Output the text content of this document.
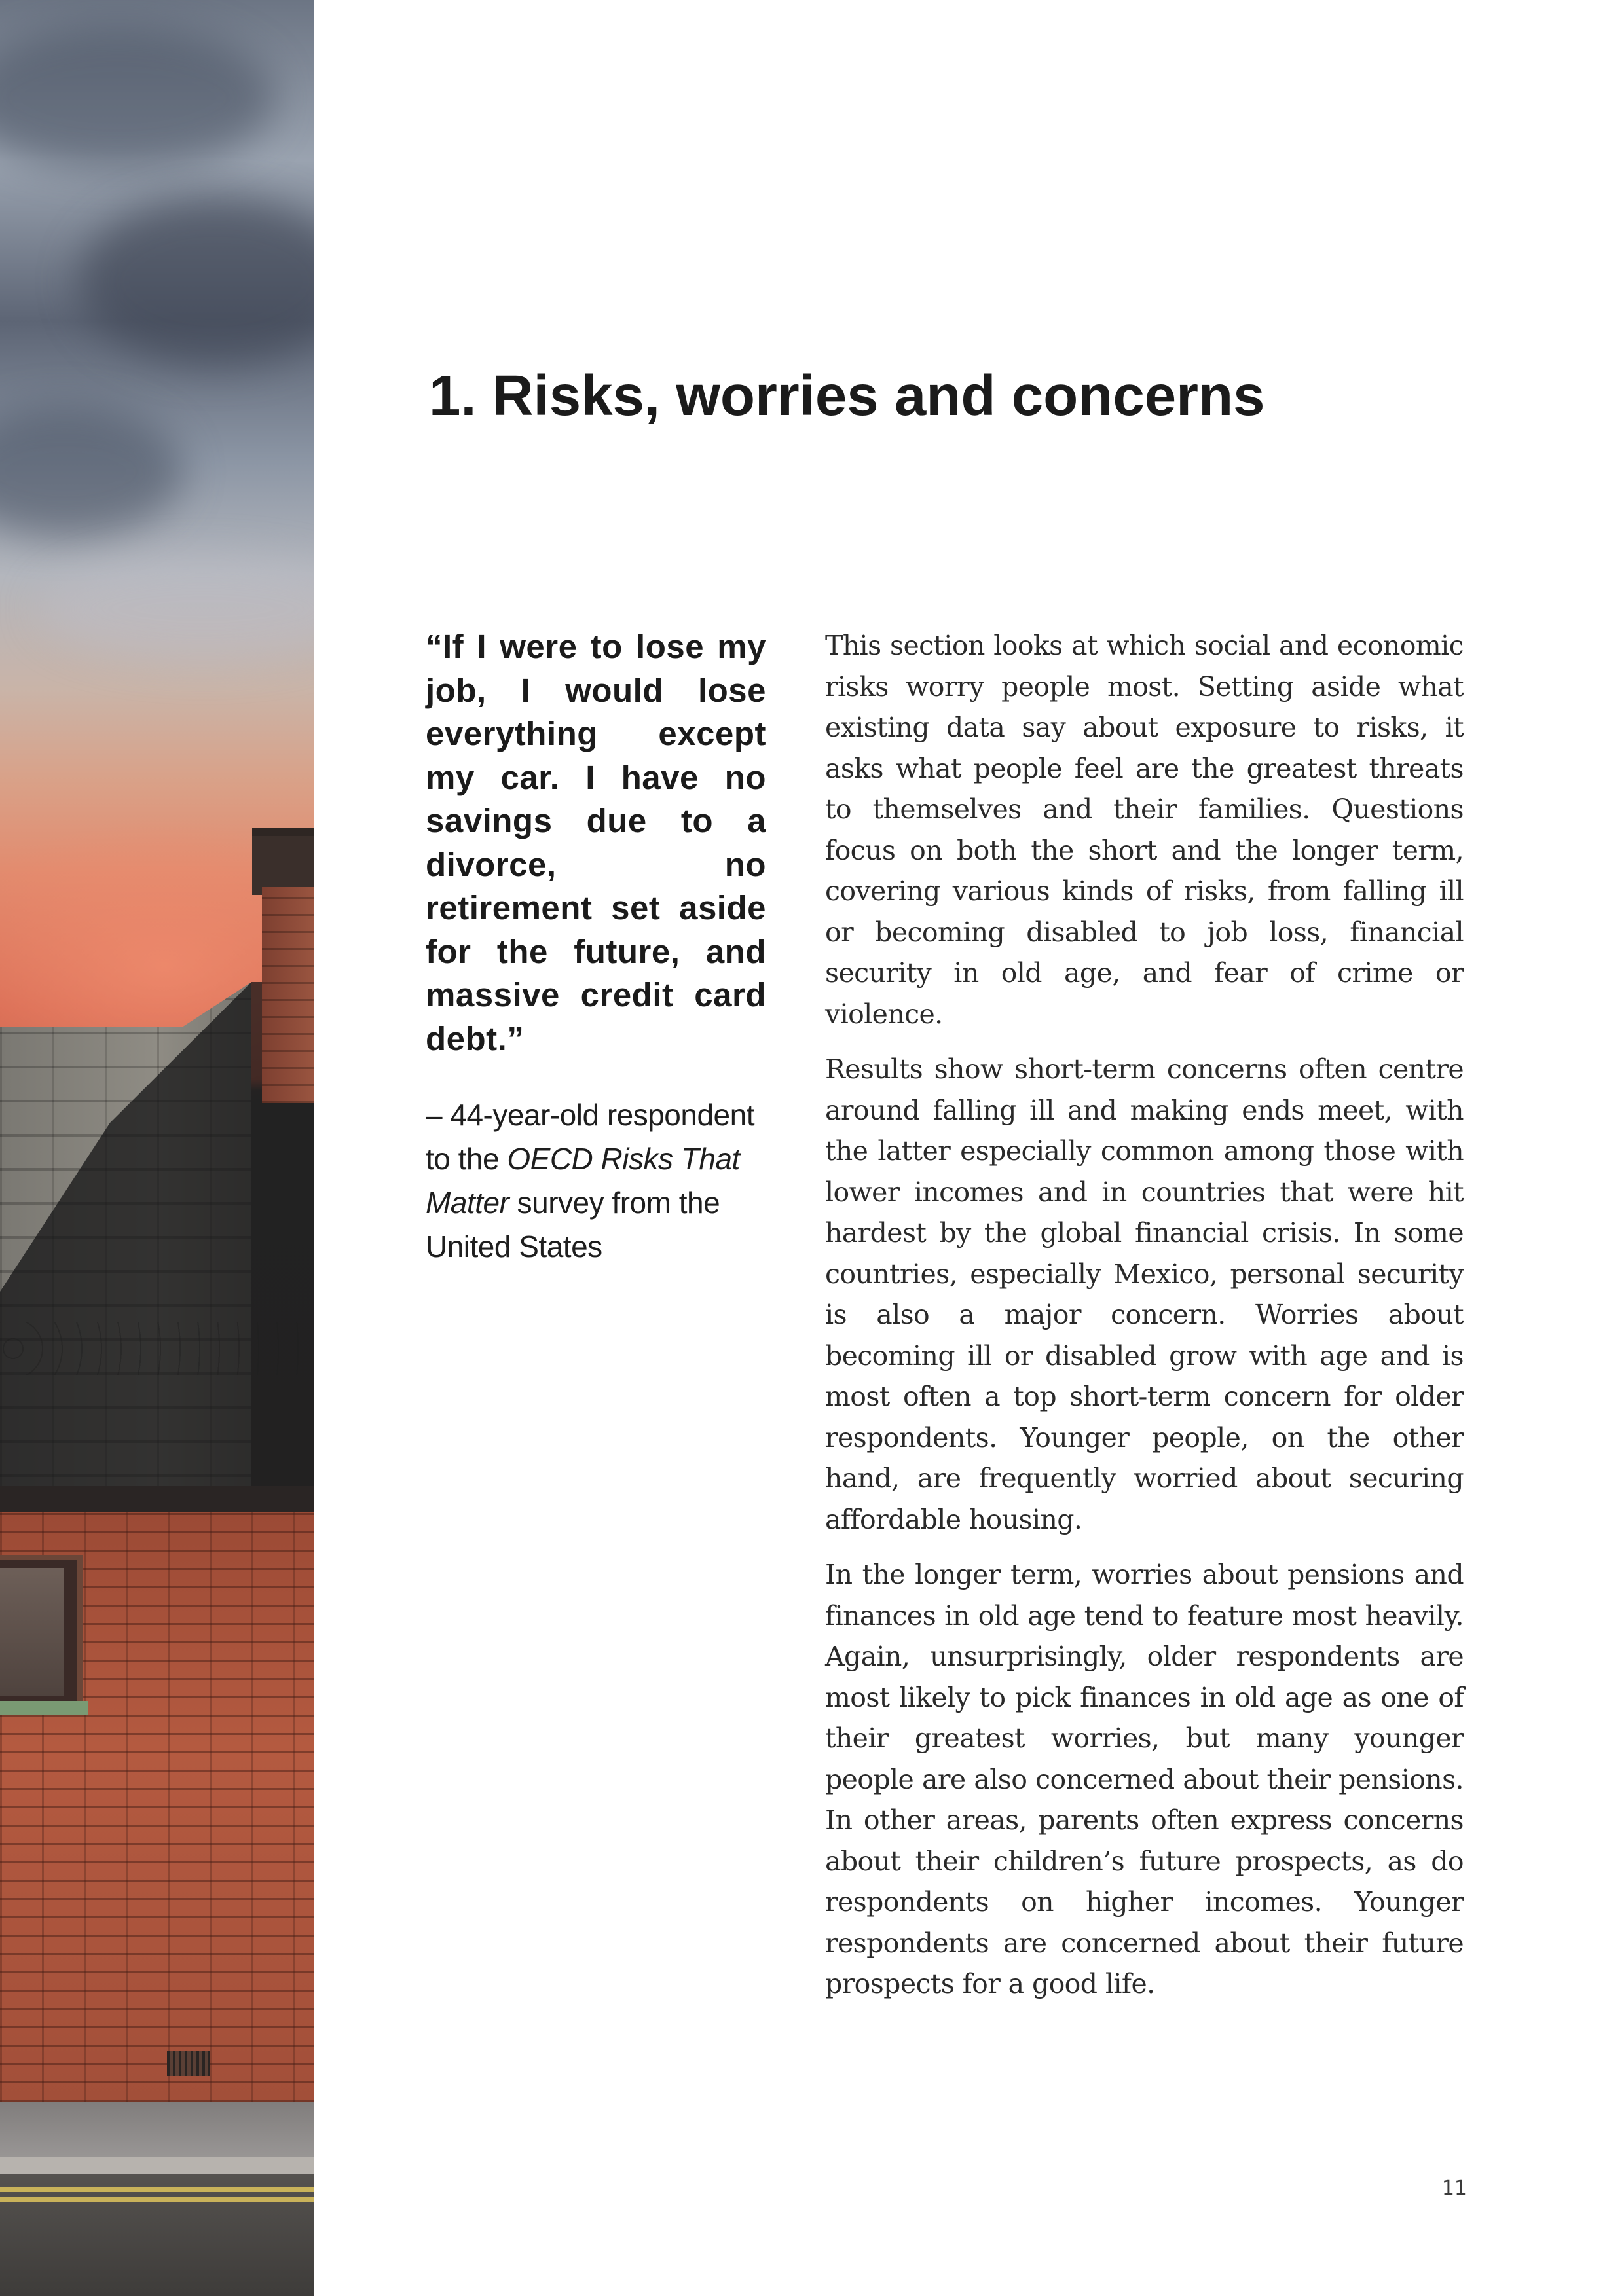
1. Risks, worries and concerns

“If I were to lose my job, I would lose everything except my car. I have no savings due to a divorce, no retirement set aside for the future, and massive credit card debt.”

– 44-year-old respondent to the OECD Risks That Matter survey from the United States

This section looks at which social and economic risks worry people most. Setting aside what existing data say about exposure to risks, it asks what people feel are the greatest threats to themselves and their families. Questions focus on both the short and the longer term, covering various kinds of risks, from falling ill or becoming disabled to job loss, financial security in old age, and fear of crime or violence.

Results show short-term concerns often centre around falling ill and making ends meet, with the latter especially common among those with lower incomes and in countries that were hit hardest by the global financial crisis. In some countries, especially Mexico, personal security is also a major concern. Worries about becoming ill or disabled grow with age and is most often a top short-term concern for older respondents. Younger people, on the other hand, are frequently worried about securing affordable housing.

In the longer term, worries about pensions and finances in old age tend to feature most heavily. Again, unsurprisingly, older respondents are most likely to pick finances in old age as one of their greatest worries, but many younger people are also concerned about their pensions. In other areas, parents often express concerns about their children’s future prospects, as do respondents on higher incomes. Younger respondents are concerned about their future prospects for a good life.

11
